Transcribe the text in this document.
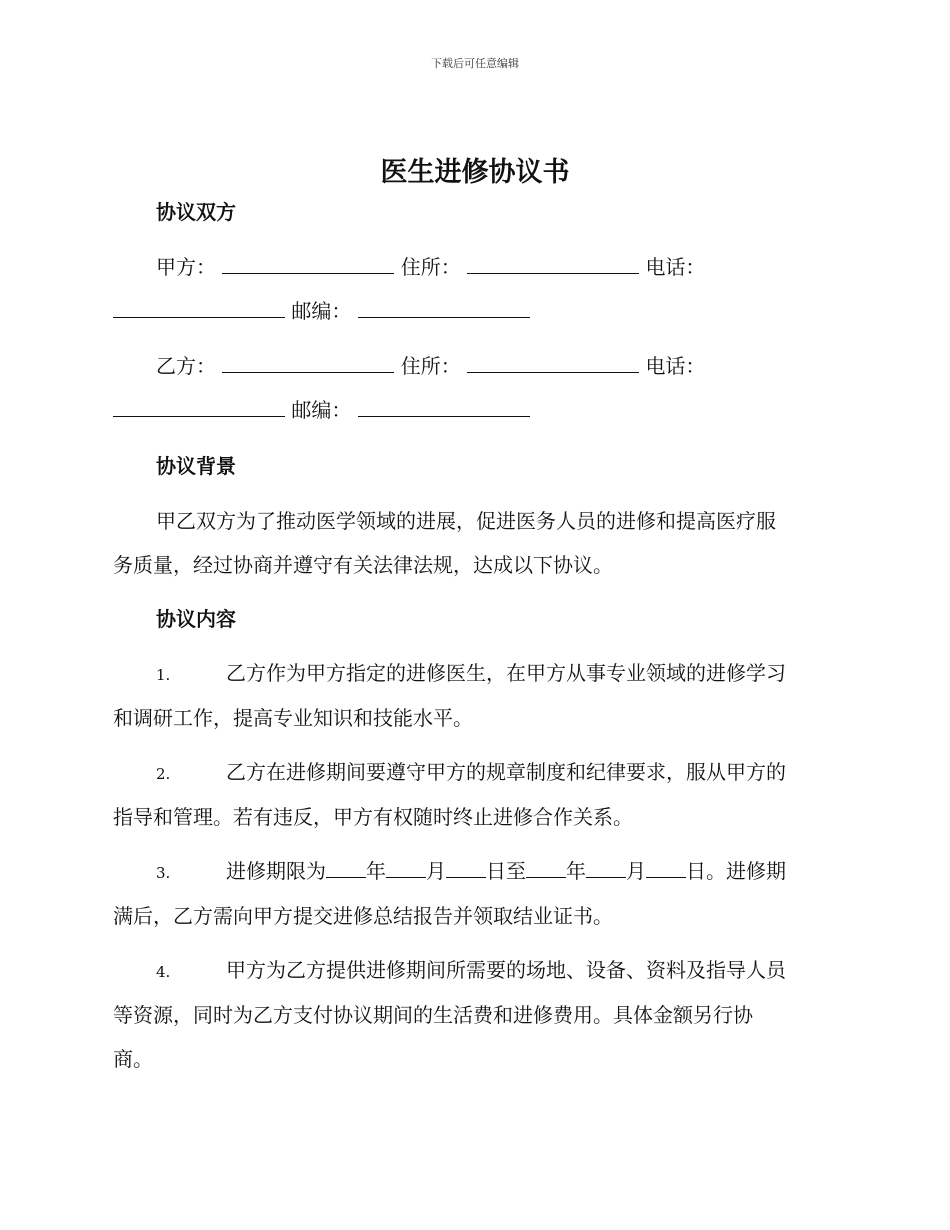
下载后可任意编辑
医生进修协议书
协议双方
甲方：	住所：	电话：
邮编：
乙方：	住所：	电话：
邮编：
协议背景
甲乙双方为了推动医学领域的进展，促进医务人员的进修和提高医疗服
务质量，经过协商并遵守有关法律法规，达成以下协议。
协议内容
1.	乙方作为甲方指定的进修医生，在甲方从事专业领域的进修学习
和调研工作，提高专业知识和技能水平。
2.	乙方在进修期间要遵守甲方的规章制度和纪律要求，服从甲方的
指导和管理。若有违反，甲方有权随时终止进修合作关系。
3.	进修期限为 年 月 日至 年 月 日。进修期
满后，乙方需向甲方提交进修总结报告并领取结业证书。
4.	甲方为乙方提供进修期间所需要的场地、设备、资料及指导人员
等资源，同时为乙方支付协议期间的生活费和进修费用。具体金额另行协
商。
